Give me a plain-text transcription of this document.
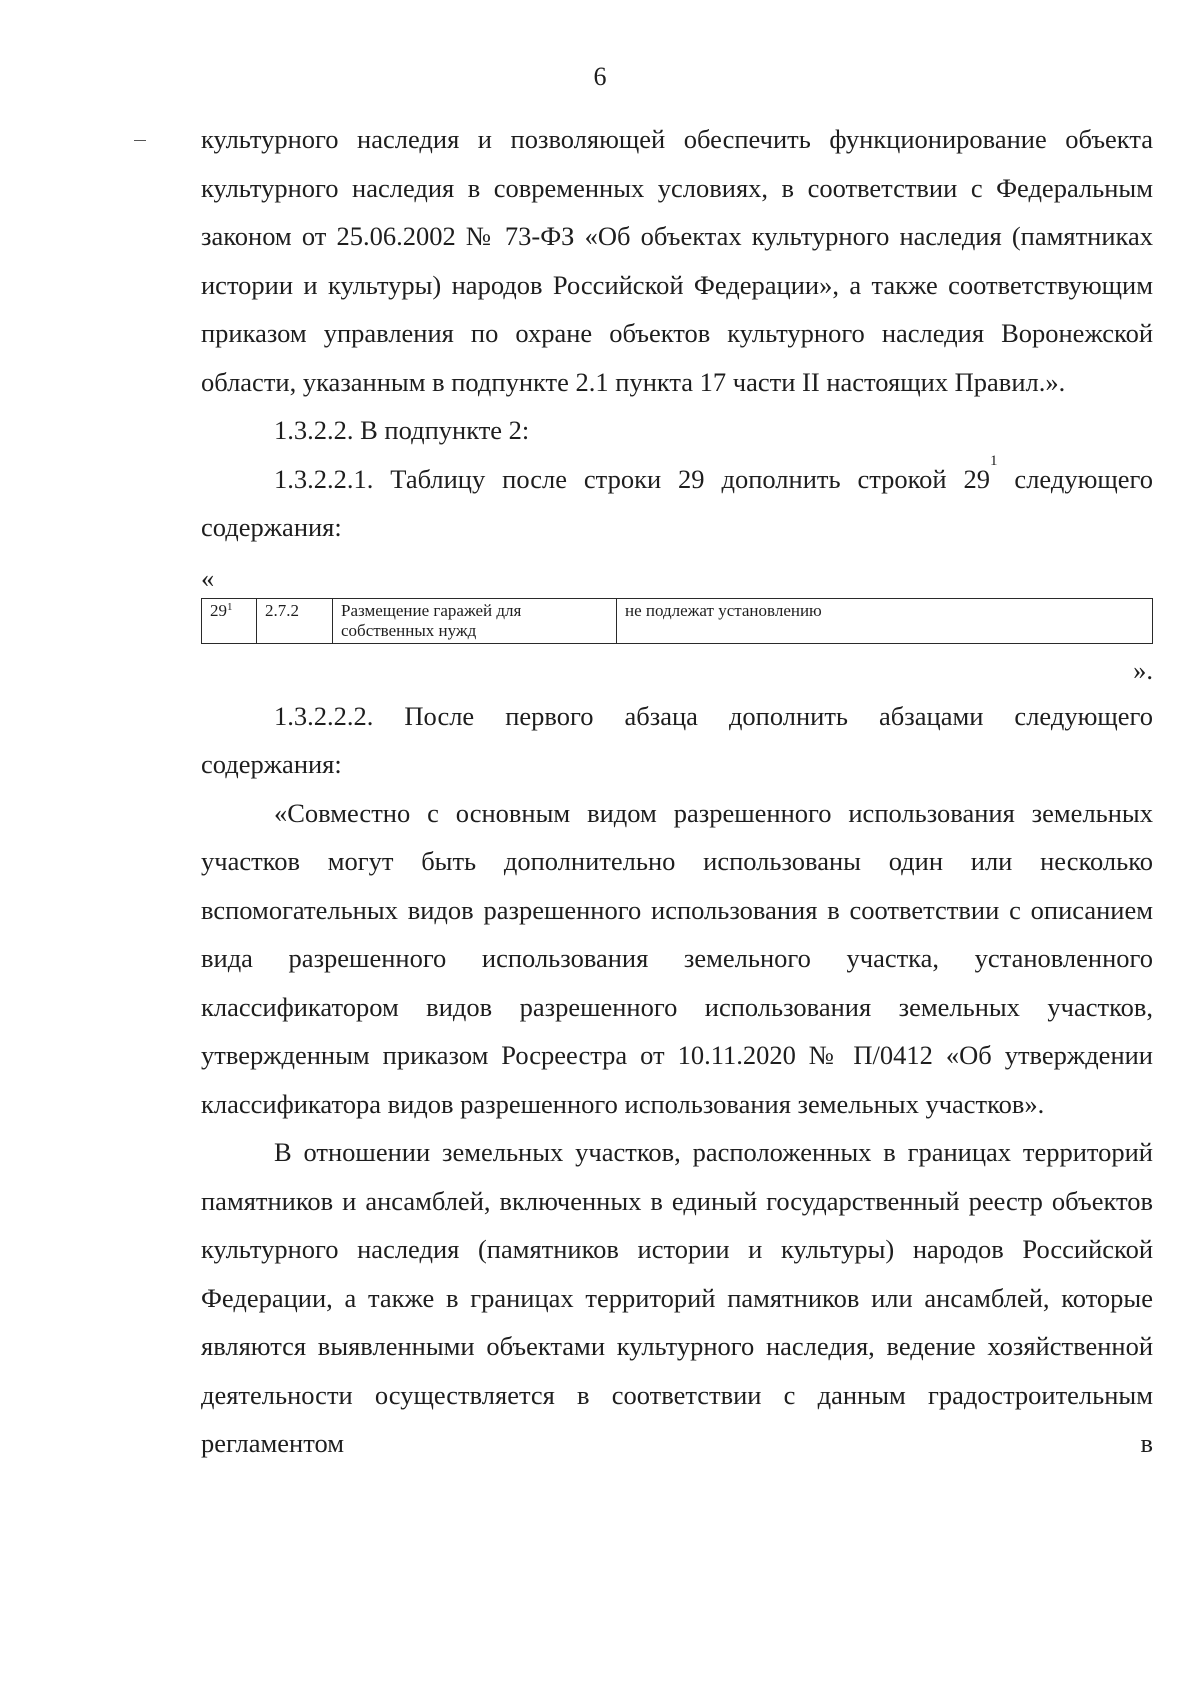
6

культурного наследия и позволяющей обеспечить функционирование объекта культурного наследия в современных условиях, в соответствии с Федеральным законом от 25.06.2002 № 73-ФЗ «Об объектах культурного наследия (памятниках истории и культуры) народов Российской Федерации», а также соответствующим приказом управления по охране объектов культурного наследия Воронежской области, указанным в подпункте 2.1 пункта 17 части II настоящих Правил.».

1.3.2.2. В подпункте 2:

1.3.2.2.1. Таблицу после строки 29 дополнить строкой $29^1$ следующего содержания:

«
$29^1$	2.7.2	Размещение гаражей для собственных нужд	не подлежат установлению
».

1.3.2.2.2. После первого абзаца дополнить абзацами следующего содержания:

«Совместно с основным видом разрешенного использования земельных участков могут быть дополнительно использованы один или несколько вспомогательных видов разрешенного использования в соответствии с описанием вида разрешенного использования земельного участка, установленного классификатором видов разрешенного использования земельных участков, утвержденным приказом Росреестра от 10.11.2020 № П/0412 «Об утверждении классификатора видов разрешенного использования земельных участков».

В отношении земельных участков, расположенных в границах территорий памятников и ансамблей, включенных в единый государственный реестр объектов культурного наследия (памятников истории и культуры) народов Российской Федерации, а также в границах территорий памятников или ансамблей, которые являются выявленными объектами культурного наследия, ведение хозяйственной деятельности осуществляется в соответствии с данным градостроительным регламентом в
